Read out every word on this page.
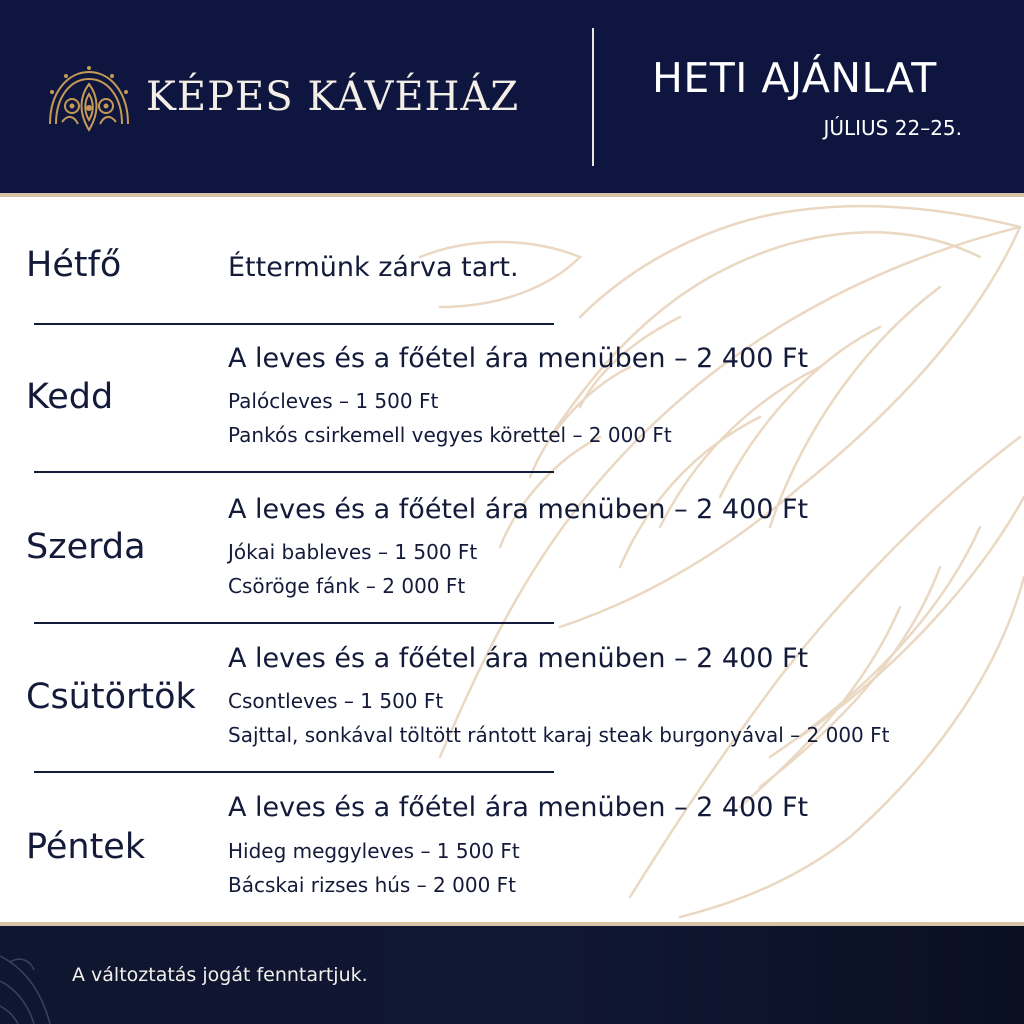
KÉPES KÁVÉHÁZ	HETI AJÁNLAT
JÚLIUS 22–25.
Hétfő	Éttermünk zárva tart.
Kedd
A leves és a főétel ára menüben – 2 400 Ft
Palócleves – 1 500 Ft
Pankós csirkemell vegyes körettel – 2 000 Ft
Szerda
A leves és a főétel ára menüben – 2 400 Ft
Jókai bableves – 1 500 Ft
Csöröge fánk – 2 000 Ft
Csütörtök
A leves és a főétel ára menüben – 2 400 Ft
Csontleves – 1 500 Ft
Sajttal, sonkával töltött rántott karaj steak burgonyával – 2 000 Ft
Péntek
A leves és a főétel ára menüben – 2 400 Ft
Hideg meggyleves – 1 500 Ft
Bácskai rizses hús – 2 000 Ft
A változtatás jogát fenntartjuk.
